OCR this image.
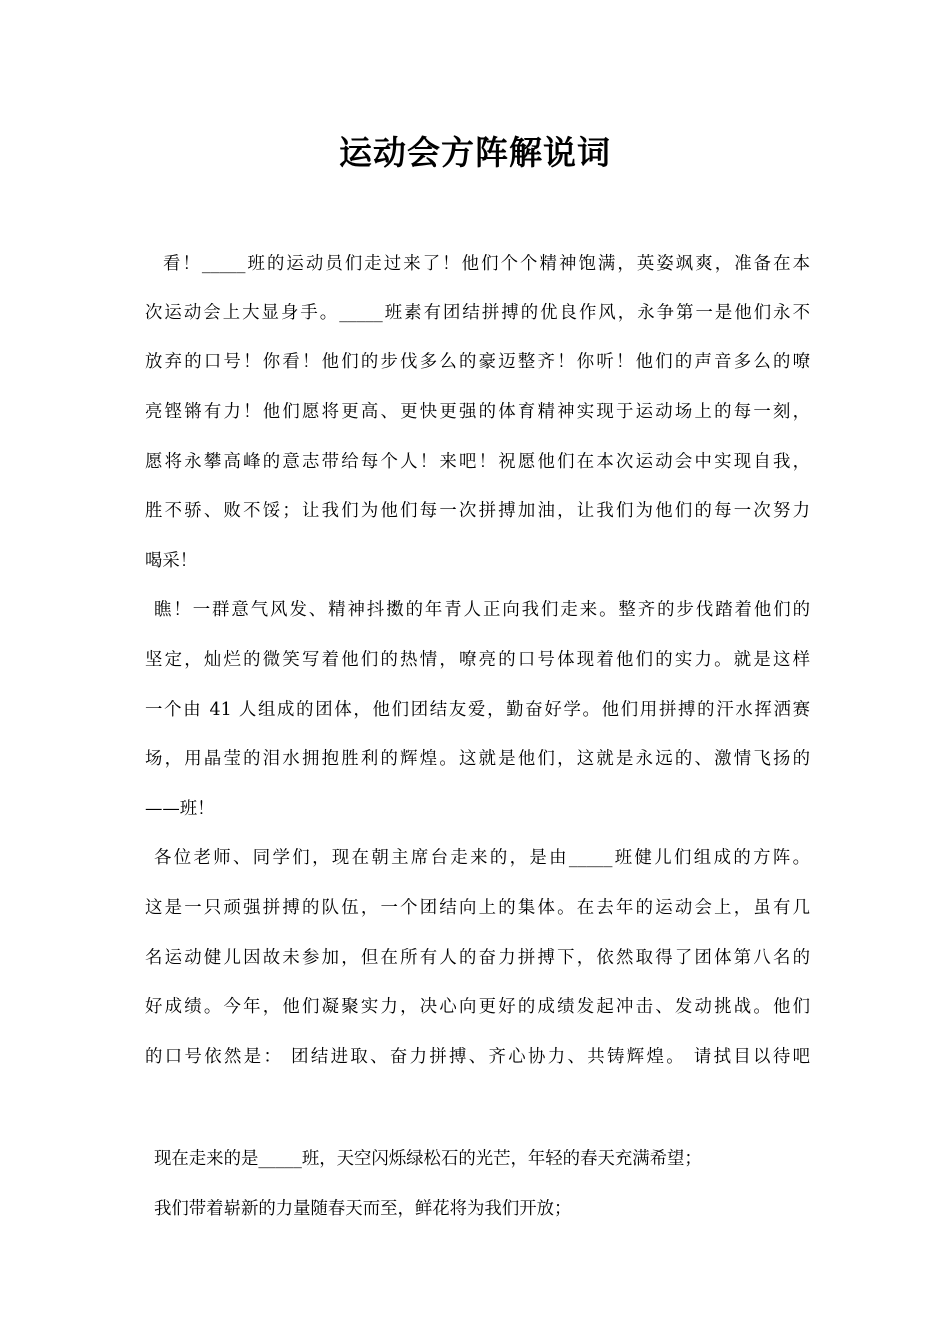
运动会方阵解说词
看！_____班的运动员们走过来了！他们个个精神饱满，英姿飒爽，准备在本
次运动会上大显身手。_____班素有团结拼搏的优良作风，永争第一是他们永不
放弃的口号！你看！他们的步伐多么的豪迈整齐！你听！他们的声音多么的嘹
亮铿锵有力！他们愿将更高、更快更强的体育精神实现于运动场上的每一刻，
愿将永攀高峰的意志带给每个人！来吧！祝愿他们在本次运动会中实现自我，
胜不骄、败不馁；让我们为他们每一次拼搏加油，让我们为他们的每一次努力
喝采！
瞧！一群意气风发、精神抖擞的年青人正向我们走来。整齐的步伐踏着他们的
坚定，灿烂的微笑写着他们的热情，嘹亮的口号体现着他们的实力。就是这样
一个由 41 人组成的团体，他们团结友爱，勤奋好学。他们用拼搏的汗水挥洒赛
场，用晶莹的泪水拥抱胜利的辉煌。这就是他们，这就是永远的、激情飞扬的
——班！
各位老师、同学们，现在朝主席台走来的，是由_____班健儿们组成的方阵。
这是一只顽强拼搏的队伍，一个团结向上的集体。在去年的运动会上，虽有几
名运动健儿因故未参加，但在所有人的奋力拼搏下，依然取得了团体第八名的
好成绩。今年，他们凝聚实力，决心向更好的成绩发起冲击、发动挑战。他们
的口号依然是： 团结进取、奋力拼搏、齐心协力、共铸辉煌。 请拭目以待吧
现在走来的是_____班，天空闪烁绿松石的光芒，年轻的春天充满希望；
我们带着崭新的力量随春天而至，鲜花将为我们开放；
